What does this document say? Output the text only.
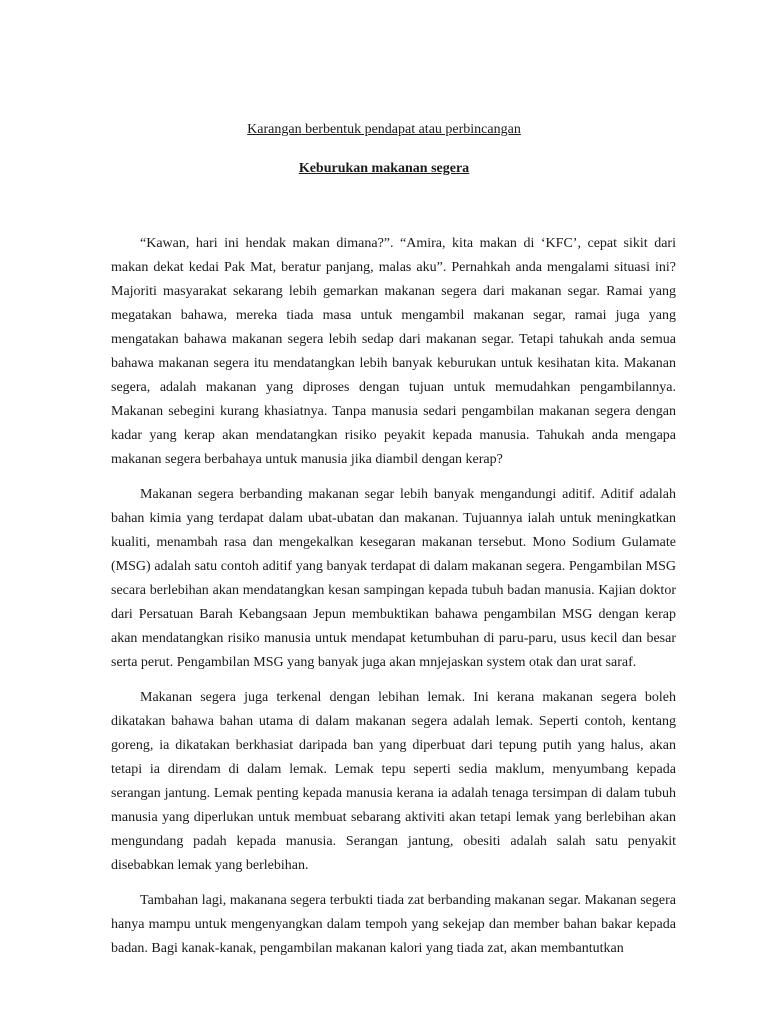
Karangan berbentuk pendapat atau perbincangan
Keburukan makanan segera

“Kawan, hari ini hendak makan dimana?”. “Amira, kita makan di ‘KFC’, cepat sikit dari makan dekat kedai Pak Mat, beratur panjang, malas aku”. Pernahkah anda mengalami situasi ini? Majoriti masyarakat sekarang lebih gemarkan makanan segera dari makanan segar. Ramai yang megatakan bahawa, mereka tiada masa untuk mengambil makanan segar, ramai juga yang mengatakan bahawa makanan segera lebih sedap dari makanan segar. Tetapi tahukah anda semua bahawa makanan segera itu mendatangkan lebih banyak keburukan untuk kesihatan kita. Makanan segera, adalah makanan yang diproses dengan tujuan untuk memudahkan pengambilannya. Makanan sebegini kurang khasiatnya. Tanpa manusia sedari pengambilan makanan segera dengan kadar yang kerap akan mendatangkan risiko peyakit kepada manusia. Tahukah anda mengapa makanan segera berbahaya untuk manusia jika diambil dengan kerap?

Makanan segera berbanding makanan segar lebih banyak mengandungi aditif. Aditif adalah bahan kimia yang terdapat dalam ubat-ubatan dan makanan. Tujuannya ialah untuk meningkatkan kualiti, menambah rasa dan mengekalkan kesegaran makanan tersebut. Mono Sodium Gulamate (MSG) adalah satu contoh aditif yang banyak terdapat di dalam makanan segera. Pengambilan MSG secara berlebihan akan mendatangkan kesan sampingan kepada tubuh badan manusia. Kajian doktor dari Persatuan Barah Kebangsaan Jepun membuktikan bahawa pengambilan MSG dengan kerap akan mendatangkan risiko manusia untuk mendapat ketumbuhan di paru-paru, usus kecil dan besar serta perut. Pengambilan MSG yang banyak juga akan mnjejaskan system otak dan urat saraf.

Makanan segera juga terkenal dengan lebihan lemak. Ini kerana makanan segera boleh dikatakan bahawa bahan utama di dalam makanan segera adalah lemak. Seperti contoh, kentang goreng, ia dikatakan berkhasiat daripada ban yang diperbuat dari tepung putih yang halus, akan tetapi ia direndam di dalam lemak. Lemak tepu seperti sedia maklum, menyumbang kepada serangan jantung. Lemak penting kepada manusia kerana ia adalah tenaga tersimpan di dalam tubuh manusia yang diperlukan untuk membuat sebarang aktiviti akan tetapi lemak yang berlebihan akan mengundang padah kepada manusia. Serangan jantung, obesiti adalah salah satu penyakit disebabkan lemak yang berlebihan.

Tambahan lagi, makanana segera terbukti tiada zat berbanding makanan segar. Makanan segera hanya mampu untuk mengenyangkan dalam tempoh yang sekejap dan member bahan bakar kepada badan. Bagi kanak-kanak, pengambilan makanan kalori yang tiada zat, akan membantutkan
